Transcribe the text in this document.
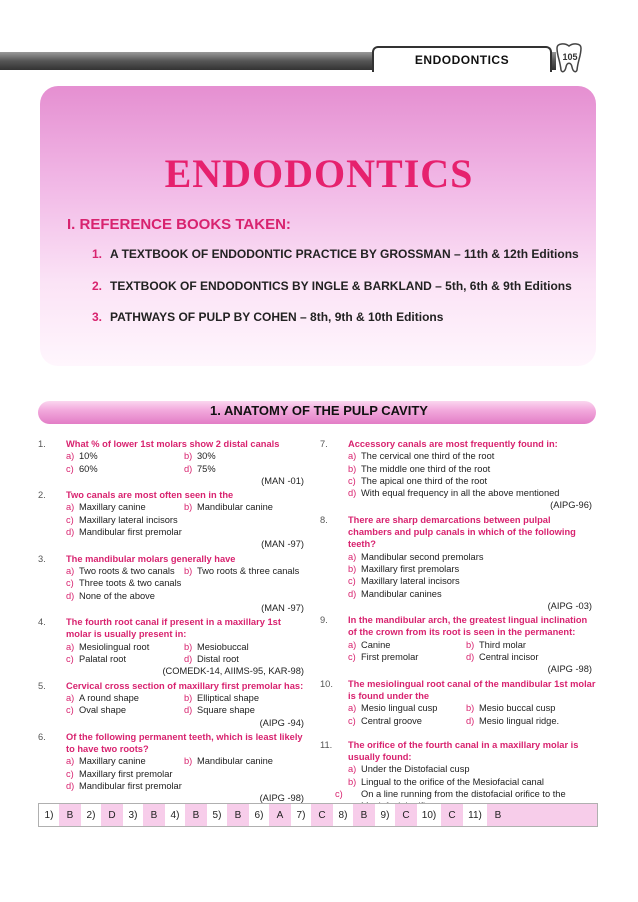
ENDODONTICS	105
ENDODONTICS
I. REFERENCE BOOKS TAKEN:
1. A TEXTBOOK OF ENDODONTIC PRACTICE BY GROSSMAN – 11th & 12th Editions
2. TEXTBOOK OF ENDODONTICS BY INGLE & BARKLAND – 5th, 6th & 9th Editions
3. PATHWAYS OF PULP BY COHEN – 8th, 9th & 10th Editions
1. ANATOMY OF THE PULP CAVITY
1.	What % of lower 1st molars show 2 distal canals
a) 10%	b) 30%
c) 60%	d) 75%
(MAN -01)
2.	Two canals are most often seen in the
a) Maxillary canine	b) Mandibular canine
c) Maxillary lateral incisors
d) Mandibular first premolar
(MAN -97)
3.	The mandibular molars generally have
a) Two roots & two canals	b) Two roots & three canals
c) Three toots & two canals
d) None of the above
(MAN -97)
4.	The fourth root canal if present in a maxillary 1st molar is usually present in:
a) Mesiolingual root	b) Mesiobuccal
c) Palatal root	d) Distal root
(COMEDK-14, AIIMS-95, KAR-98)
5.	Cervical cross section of maxillary first premolar has:
a) A round shape	b) Elliptical shape
c) Oval shape	d) Square shape
(AIPG -94)
6.	Of the following permanent teeth, which is least likely to have two roots?
a) Maxillary canine	b) Mandibular canine
c) Maxillary first premolar
d) Mandibular first premolar
(AIPG -98)
7.	Accessory canals are most frequently found in:
a) The cervical one third of the root
b) The middle one third of the root
c) The apical one third of the root
d) With equal frequency in all the above mentioned
(AIPG-96)
8.	There are sharp demarcations between pulpal chambers and pulp canals in which of the following teeth?
a) Mandibular second premolars
b) Maxillary first premolars
c) Maxillary lateral incisors
d) Mandibular canines
(AIPG -03)
9.	In the mandibular arch, the greatest lingual inclination of the crown from its root is seen in the permanent:
a) Canine	b) Third molar
c) First premolar	d) Central incisor
(AIPG -98)
10.	The mesiolingual root canal of the mandibular 1st molar is found under the
a) Mesio lingual cusp	b) Mesio buccal cusp
c) Central groove	d) Mesio lingual ridge.
11.	The orifice of the fourth canal in a maxillary molar is usually found:
a) Under the Distofacial cusp
b) Lingual to the orifice of the Mesiofacial canal
c) On a line running from the distofacial orifice to the
1)	B	2)	D	3)	B	4)	B	5)	B	6)	A	7)	C	8)	B	9)	C	10)	C	11)	B
